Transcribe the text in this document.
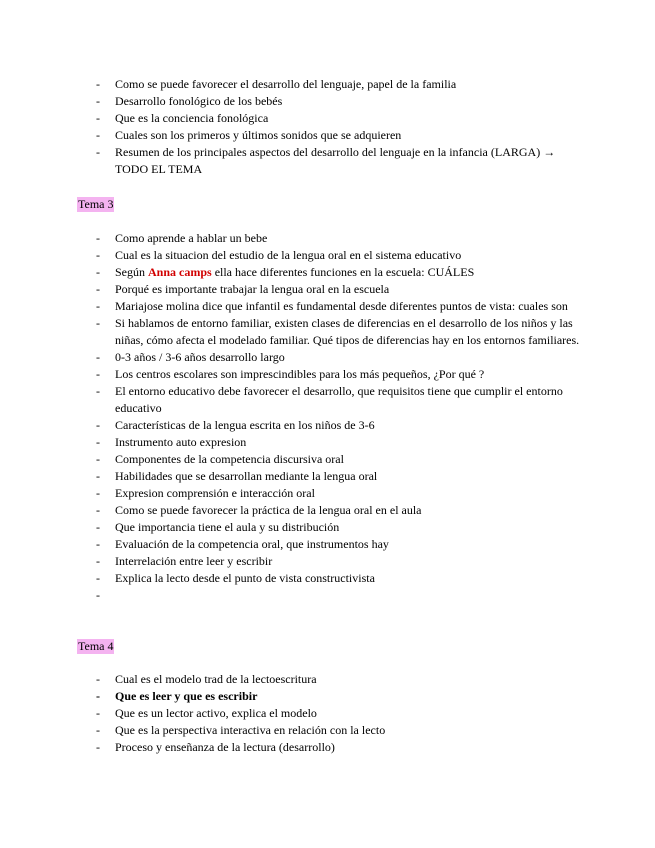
- Como se puede favorecer el desarrollo del lenguaje, papel de la familia
- Desarrollo fonológico de los bebés
- Que es la conciencia fonológica
- Cuales son los primeros y últimos sonidos que se adquieren
- Resumen de los principales aspectos del desarrollo del lenguaje en la infancia (LARGA) → TODO EL TEMA
Tema 3
- Como aprende a hablar un bebe
- Cual es la situacion del estudio de la lengua oral en el sistema educativo
- Según Anna camps ella hace diferentes funciones en la escuela: CUÁLES
- Porqué es importante trabajar la lengua oral en la escuela
- Mariajose molina dice que infantil es fundamental desde diferentes puntos de vista: cuales son
- Si hablamos de entorno familiar, existen clases de diferencias en el desarrollo de los niños y las niñas, cómo afecta el modelado familiar. Qué tipos de diferencias hay en los entornos familiares.
- 0-3 años / 3-6 años desarrollo largo
- Los centros escolares son imprescindibles para los más pequeños, ¿Por qué ?
- El entorno educativo debe favorecer el desarrollo, que requisitos tiene que cumplir el entorno educativo
- Características de la lengua escrita en los niños de 3-6
- Instrumento auto expresion
- Componentes de la competencia discursiva oral
- Habilidades que se desarrollan mediante la lengua oral
- Expresion comprensión e interacción oral
- Como se puede favorecer la práctica de la lengua oral en el aula
- Que importancia tiene el aula y su distribución
- Evaluación de la competencia oral, que instrumentos hay
- Interrelación entre leer y escribir
- Explica la lecto desde el punto de vista constructivista
-
Tema 4
- Cual es el modelo trad de la lectoescritura
- Que es leer y que es escribir
- Que es un lector activo, explica el modelo
- Que es la perspectiva interactiva en relación con la lecto
- Proceso y enseñanza de la lectura (desarrollo)
